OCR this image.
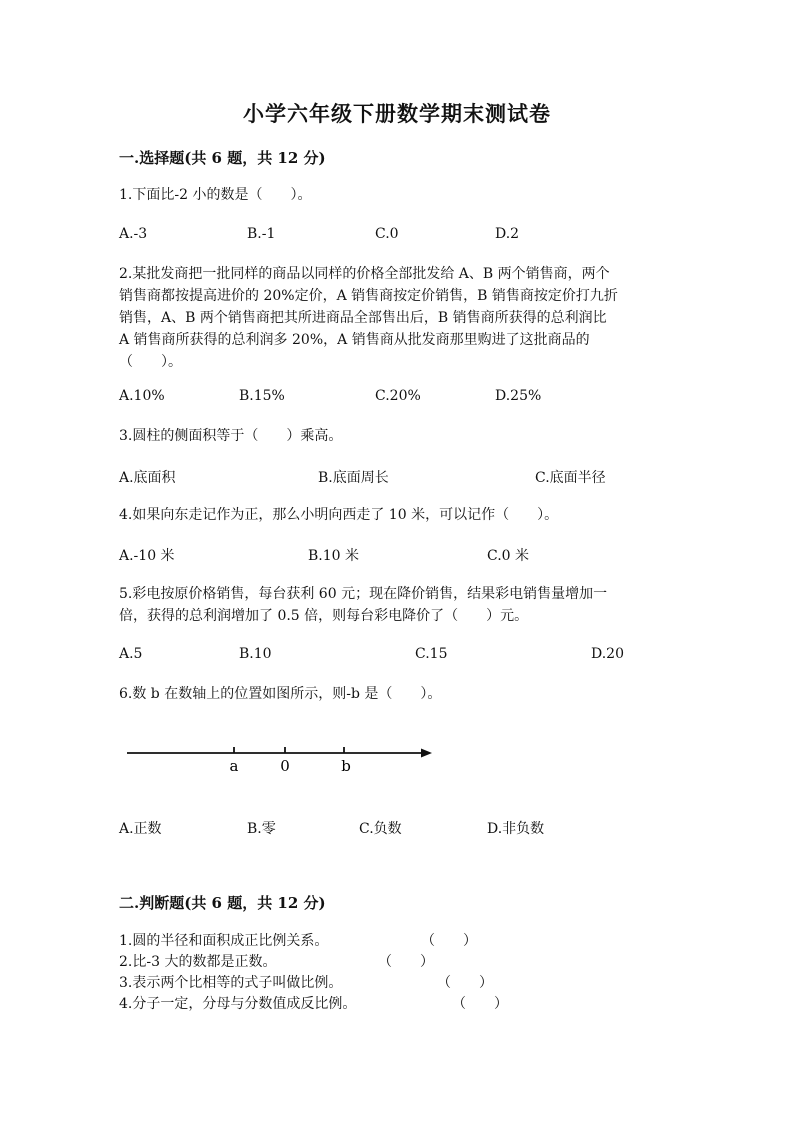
小学六年级下册数学期末测试卷
一.选择题(共 6 题，共 12 分)
1.下面比-2 小的数是（　　）。
A.-3	B.-1	C.0	D.2
2.某批发商把一批同样的商品以同样的价格全部批发给 A、B 两个销售商，两个
销售商都按提高进价的 20%定价，A 销售商按定价销售，B 销售商按定价打九折
销售，A、B 两个销售商把其所进商品全部售出后，B 销售商所获得的总利润比
A 销售商所获得的总利润多 20%，A 销售商从批发商那里购进了这批商品的
（　　）。
A.10%	B.15%	C.20%	D.25%
3.圆柱的侧面积等于（　　）乘高。
A.底面积	B.底面周长	C.底面半径
4.如果向东走记作为正，那么小明向西走了 10 米，可以记作（　　）。
A.-10 米	B.10 米	C.0 米
5.彩电按原价格销售，每台获利 60 元；现在降价销售，结果彩电销售量增加一
倍，获得的总利润增加了 0.5 倍，则每台彩电降价了（　　）元。
A.5	B.10	C.15	D.20
6.数 b 在数轴上的位置如图所示，则-b 是（　　）。
a	0	b
A.正数	B.零	C.负数	D.非负数
二.判断题(共 6 题，共 12 分)
1.圆的半径和面积成正比例关系。	（　　）
2.比-3 大的数都是正数。	（　　）
3.表示两个比相等的式子叫做比例。	（　　）
4.分子一定，分母与分数值成反比例。	（　　）
